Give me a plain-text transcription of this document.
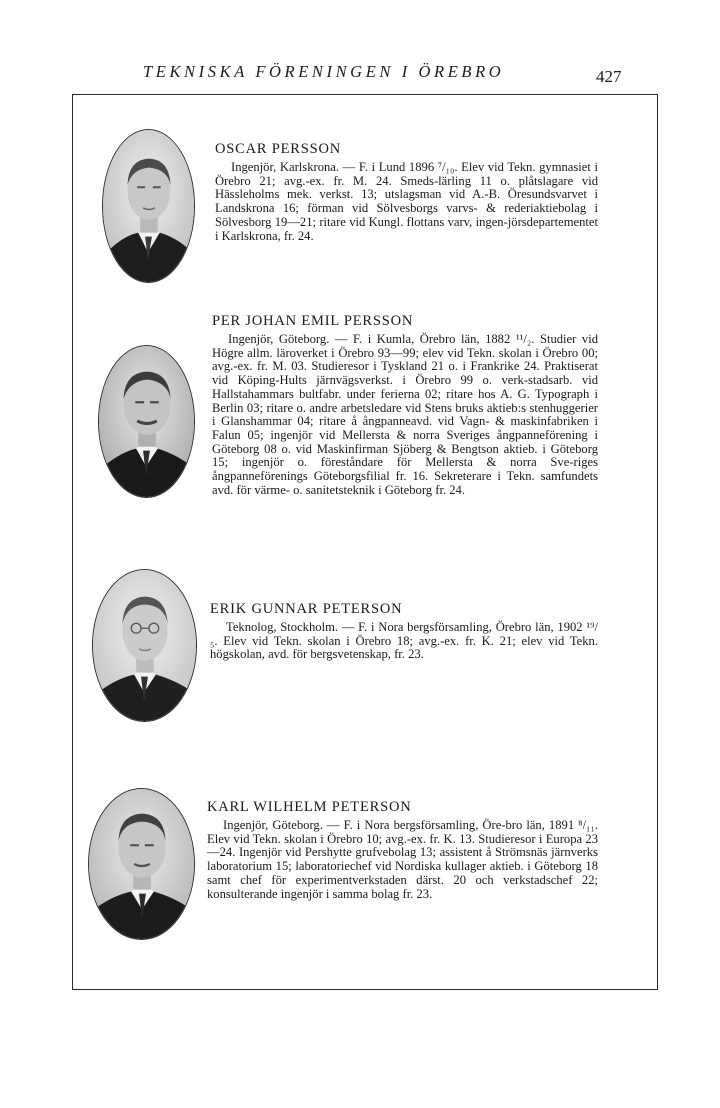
TEKNISKA FÖRENINGEN I ÖREBRO	427
OSCAR PERSSON

Ingenjör, Karlskrona. — F. i Lund 1896 ⁷/₁₀. Elev vid Tekn. gymnasiet i Örebro 21; avg.-ex. fr. M. 24. Smeds-lärling 11 o. plåtslagare vid Hässleholms mek. verkst. 13; utslagsman vid A.-B. Öresundsvarvet i Landskrona 16; förman vid Sölvesborgs varvs- & rederiaktiebolag i Sölvesborg 19—21; ritare vid Kungl. flottans varv, ingen-jörsdepartementet i Karlskrona, fr. 24.

PER JOHAN EMIL PERSSON

Ingenjör, Göteborg. — F. i Kumla, Örebro län, 1882 ¹¹/₂. Studier vid Högre allm. läroverket i Örebro 93—99; elev vid Tekn. skolan i Örebro 00; avg.-ex. fr. M. 03. Studieresor i Tyskland 21 o. i Frankrike 24. Praktiserat vid Köping-Hults järnvägsverkst. i Örebro 99 o. verk-stadsarb. vid Hallstahammars bultfabr. under ferierna 02; ritare hos A. G. Typograph i Berlin 03; ritare o. andre arbetsledare vid Stens bruks aktieb:s stenhuggerier i Glanshammar 04; ritare å ångpanneavd. vid Vagn- & maskinfabriken i Falun 05; ingenjör vid Mellersta & norra Sveriges ångpanneförening i Göteborg 08 o. vid Maskinfirman Sjöberg & Bengtson aktieb. i Göteborg 15; ingenjör o. föreståndare för Mellersta & norra Sve-riges ångpanneförenings Göteborgsfilial fr. 16. Sekreterare i Tekn. samfundets avd. för värme- o. sanitetsteknik i Göteborg fr. 24.

ERIK GUNNAR PETERSON

Teknolog, Stockholm. — F. i Nora bergsförsamling, Örebro län, 1902 ¹⁹/₅. Elev vid Tekn. skolan i Örebro 18; avg.-ex. fr. K. 21; elev vid Tekn. högskolan, avd. för bergsvetenskap, fr. 23.

KARL WILHELM PETERSON

Ingenjör, Göteborg. — F. i Nora bergsförsamling, Öre-bro län, 1891 ⁸/₁₁. Elev vid Tekn. skolan i Örebro 10; avg.-ex. fr. K. 13. Studieresor i Europa 23—24. Ingenjör vid Pershytte grufvebolag 13; assistent å Strömsnäs järnverks laboratorium 15; laboratoriechef vid Nordiska kullager aktieb. i Göteborg 18 samt chef för experimentverkstaden därst. 20 och verkstadschef 22; konsulterande ingenjör i samma bolag fr. 23.
